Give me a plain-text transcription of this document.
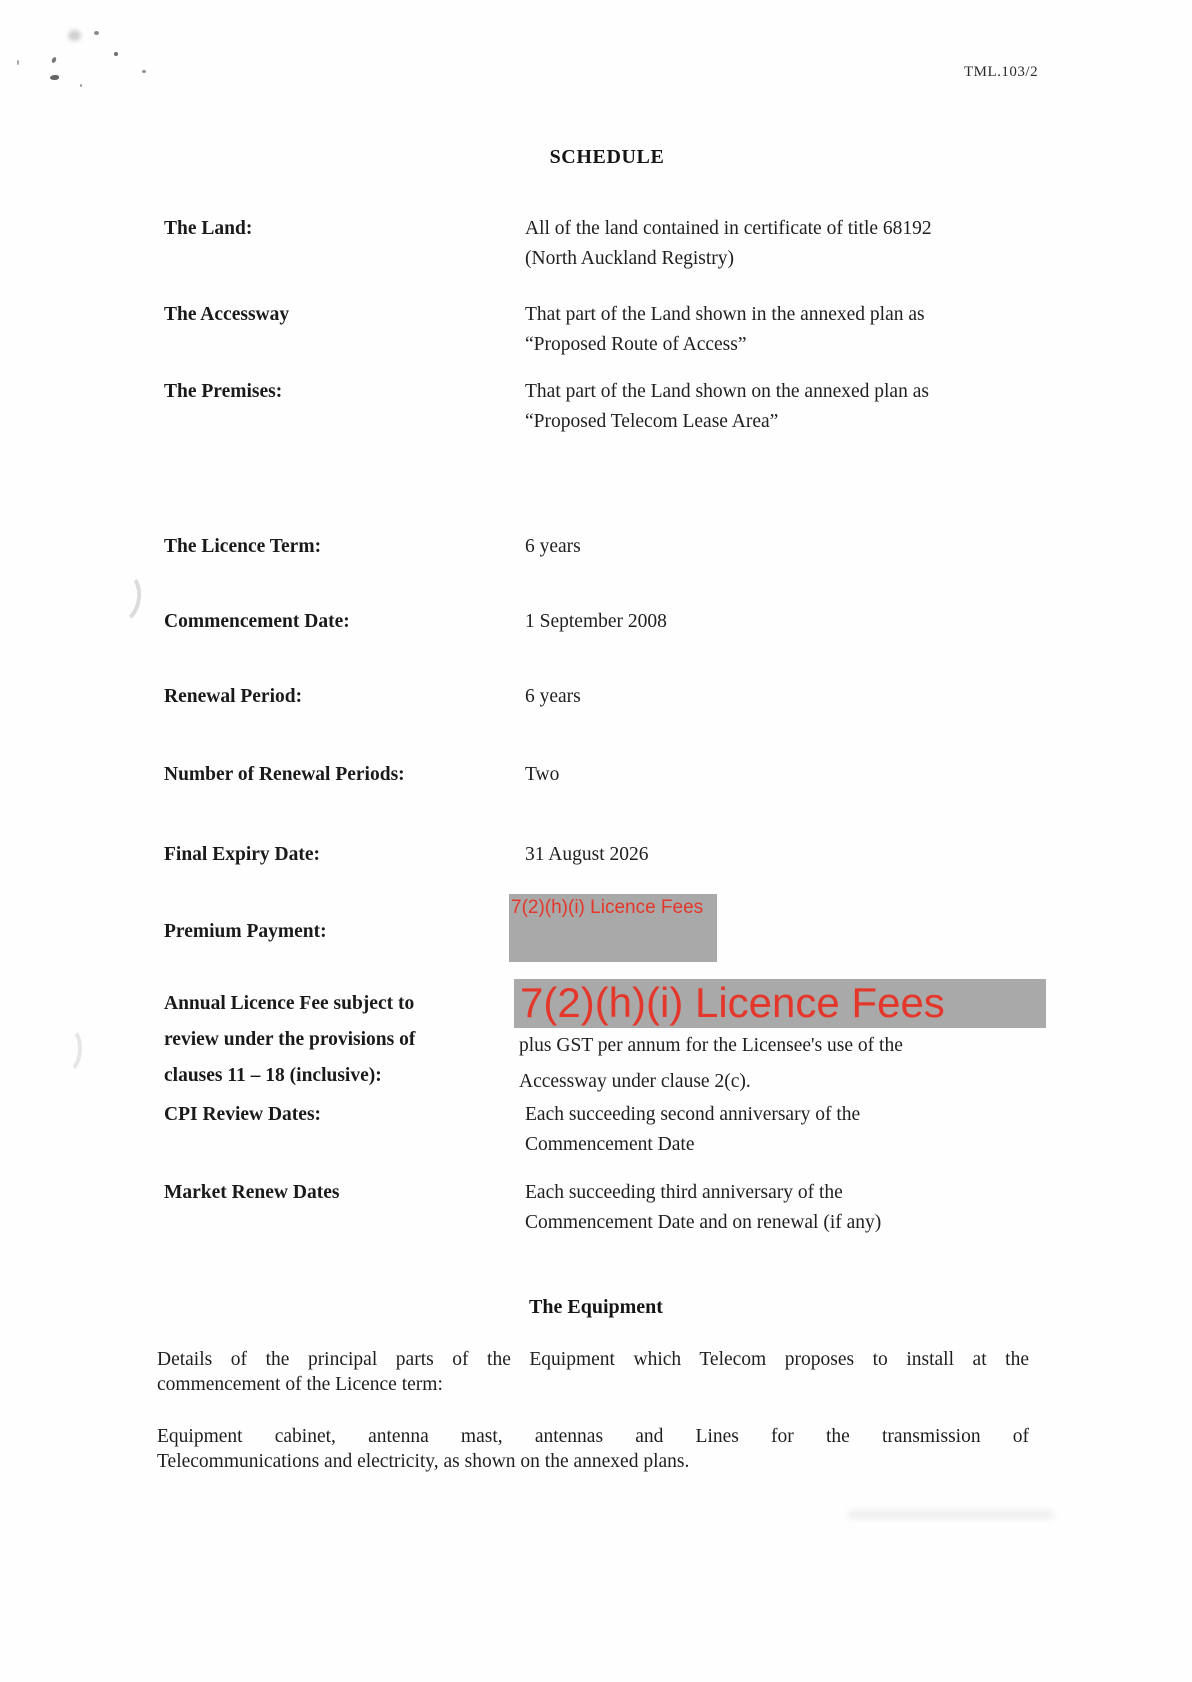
TML.103/2
SCHEDULE
The Land:	All of the land contained in certificate of title 68192
(North Auckland Registry)
The Accessway	That part of the Land shown in the annexed plan as
“Proposed Route of Access”
The Premises:	That part of the Land shown on the annexed plan as
“Proposed Telecom Lease Area”
The Licence Term:	6 years
Commencement Date:	1 September 2008
Renewal Period:	6 years
Number of Renewal Periods:	Two
Final Expiry Date:	31 August 2026
Premium Payment:
7(2)(h)(i) Licence Fees
Annual Licence Fee subject to
review under the provisions of
clauses 11 – 18 (inclusive):
7(2)(h)(i) Licence Fees
plus GST per annum for the Licensee's use of the
Accessway under clause 2(c).
CPI Review Dates:	Each succeeding second anniversary of the
Commencement Date
Market Renew Dates	Each succeeding third anniversary of the
Commencement Date and on renewal (if any)
The Equipment
Details of the principal parts of the Equipment which Telecom proposes to install at the
commencement of the Licence term:
Equipment cabinet, antenna mast, antennas and Lines for the transmission of
Telecommunications and electricity, as shown on the annexed plans.
